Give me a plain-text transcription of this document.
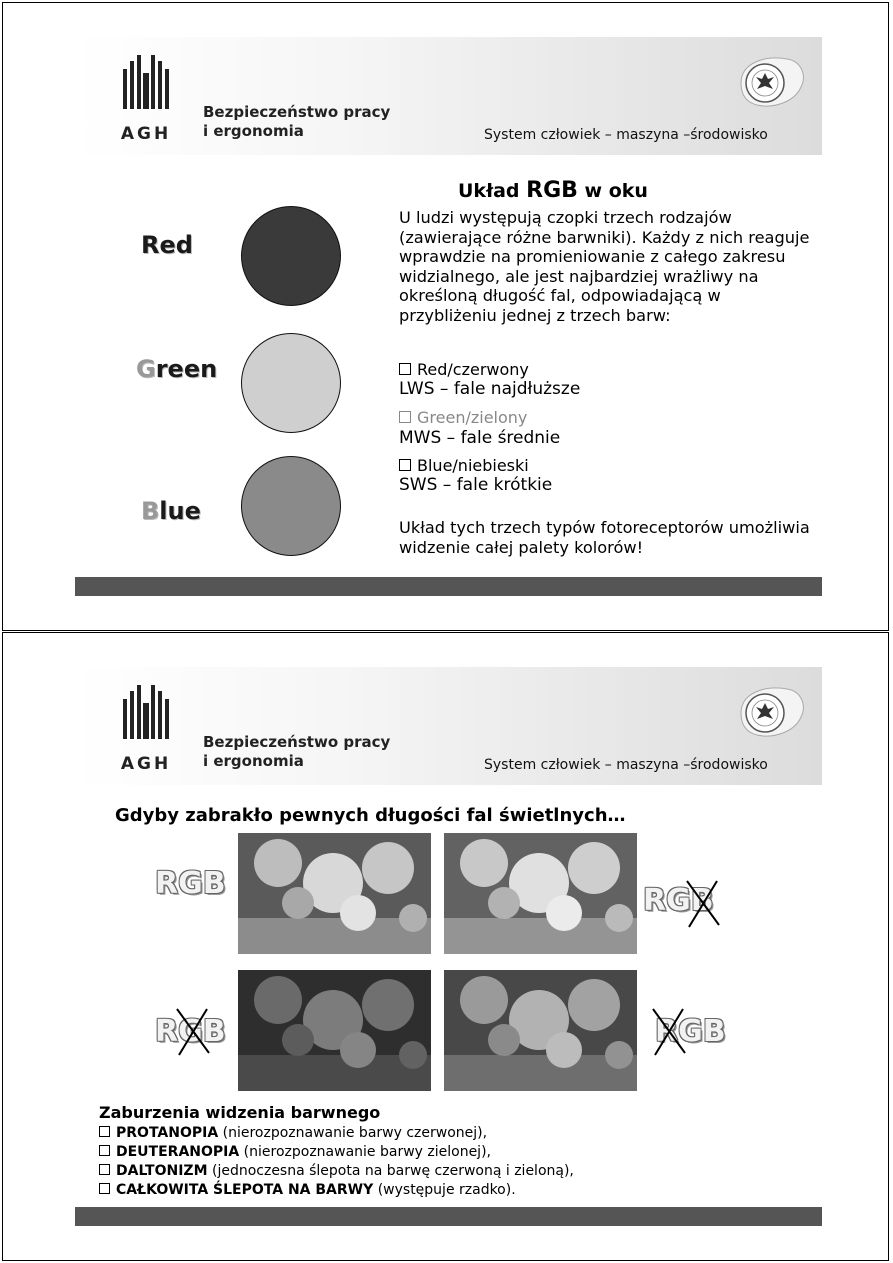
AGH
Bezpieczeństwo pracy
i ergonomia	System człowiek – maszyna –środowisko
Układ RGB w oku
Red
Green
Blue
U ludzi występują czopki trzech rodzajów (zawierające różne barwniki). Każdy z nich reaguje wprawdzie na promieniowanie z całego zakresu widzialnego, ale jest najbardziej wrażliwy na określoną długość fal, odpowiadającą w przybliżeniu jednej z trzech barw:
Red/czerwony
LWS – fale najdłuższe
Green/zielony
MWS – fale średnie
Blue/niebieski
SWS – fale krótkie
Układ tych trzech typów fotoreceptorów umożliwia widzenie całej palety kolorów!
AGH
Bezpieczeństwo pracy
i ergonomia	System człowiek – maszyna –środowisko
Gdyby zabrakło pewnych długości fal świetlnych…
RGB	RGB
RGB	RGB
Zaburzenia widzenia barwnego
PROTANOPIA (nierozpoznawanie barwy czerwonej),
DEUTERANOPIA (nierozpoznawanie barwy zielonej),
DALTONIZM (jednoczesna ślepota na barwę czerwoną i zieloną),
CAŁKOWITA ŚLEPOTA NA BARWY (występuje rzadko).
